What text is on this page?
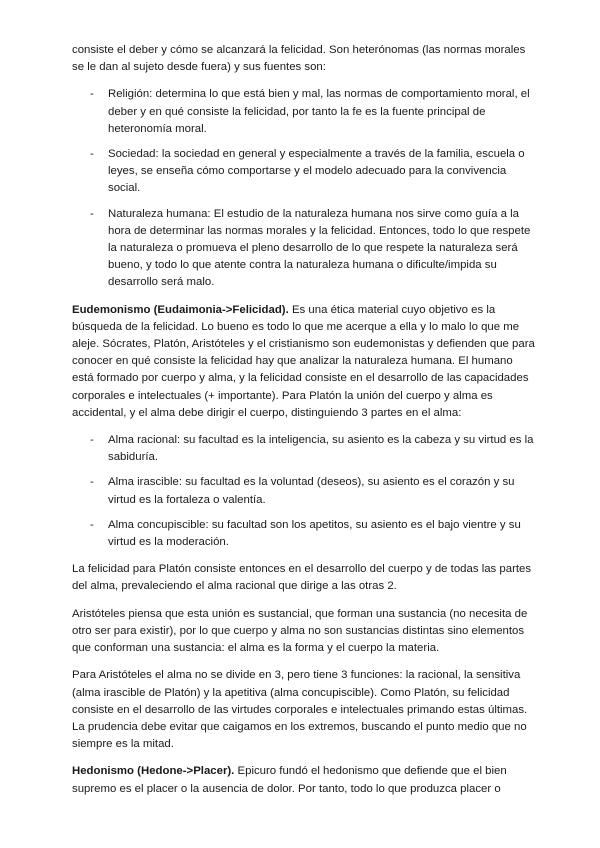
consiste el deber y cómo se alcanzará la felicidad. Son heterónomas (las normas morales se le dan al sujeto desde fuera) y sus fuentes son:

- Religión: determina lo que está bien y mal, las normas de comportamiento moral, el deber y en qué consiste la felicidad, por tanto la fe es la fuente principal de heteronomía moral.
- Sociedad: la sociedad en general y especialmente a través de la familia, escuela o leyes, se enseña cómo comportarse y el modelo adecuado para la convivencia social.
- Naturaleza humana: El estudio de la naturaleza humana nos sirve como guía a la hora de determinar las normas morales y la felicidad. Entonces, todo lo que respete la naturaleza o promueva el pleno desarrollo de lo que respete la naturaleza será bueno, y todo lo que atente contra la naturaleza humana o dificulte/impida su desarrollo será malo.

Eudemonismo (Eudaimonia->Felicidad). Es una ética material cuyo objetivo es la búsqueda de la felicidad. Lo bueno es todo lo que me acerque a ella y lo malo lo que me aleje. Sócrates, Platón, Aristóteles y el cristianismo son eudemonistas y defienden que para conocer en qué consiste la felicidad hay que analizar la naturaleza humana. El humano está formado por cuerpo y alma, y la felicidad consiste en el desarrollo de las capacidades corporales e intelectuales (+ importante). Para Platón la unión del cuerpo y alma es accidental, y el alma debe dirigir el cuerpo, distinguiendo 3 partes en el alma:

- Alma racional: su facultad es la inteligencia, su asiento es la cabeza y su virtud es la sabiduría.
- Alma irascible: su facultad es la voluntad (deseos), su asiento es el corazón y su virtud es la fortaleza o valentía.
- Alma concupiscible: su facultad son los apetitos, su asiento es el bajo vientre y su virtud es la moderación.

La felicidad para Platón consiste entonces en el desarrollo del cuerpo y de todas las partes del alma, prevaleciendo el alma racional que dirige a las otras 2.

Aristóteles piensa que esta unión es sustancial, que forman una sustancia (no necesita de otro ser para existir), por lo que cuerpo y alma no son sustancias distintas sino elementos que conforman una sustancia: el alma es la forma y el cuerpo la materia.

Para Aristóteles el alma no se divide en 3, pero tiene 3 funciones: la racional, la sensitiva (alma irascible de Platón) y la apetitiva (alma concupiscible). Como Platón, su felicidad consiste en el desarrollo de las virtudes corporales e intelectuales primando estas últimas. La prudencia debe evitar que caigamos en los extremos, buscando el punto medio que no siempre es la mitad.

Hedonismo (Hedone->Placer). Epicuro fundó el hedonismo que defiende que el bien supremo es el placer o la ausencia de dolor. Por tanto, todo lo que produzca placer o
